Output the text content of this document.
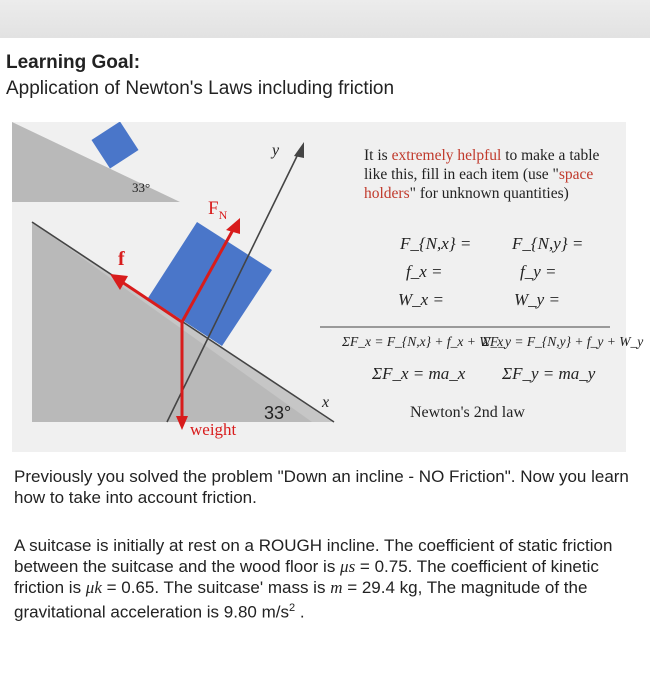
Learning Goal:
Application of Newton's Laws including friction
33°
$F_N$
f
weight
33°
y
x
It is extremely helpful to make a table like this, fill in each item (use "space holders" for unknown quantities)
F_{N,x} = F_{N,y} =
f_x =	f_y =
W_x =	W_y =
ΣF_x = F_{N,x} + f_x + W_x
ΣF_y = F_{N,y} + f_y + W_y
ΣF_x = ma_x ΣF_y = ma_y
Newton's 2nd law
Previously you solved the problem "Down an incline - NO Friction". Now you learn how to take into account friction.
A suitcase is initially at rest on a ROUGH incline. The coefficient of static friction between the suitcase and the wood floor is μs = 0.75. The coefficient of kinetic friction is μk = 0.65. The suitcase' mass is m = 29.4 kg, The magnitude of the gravitational acceleration is 9.80 $m/s^2$ .
